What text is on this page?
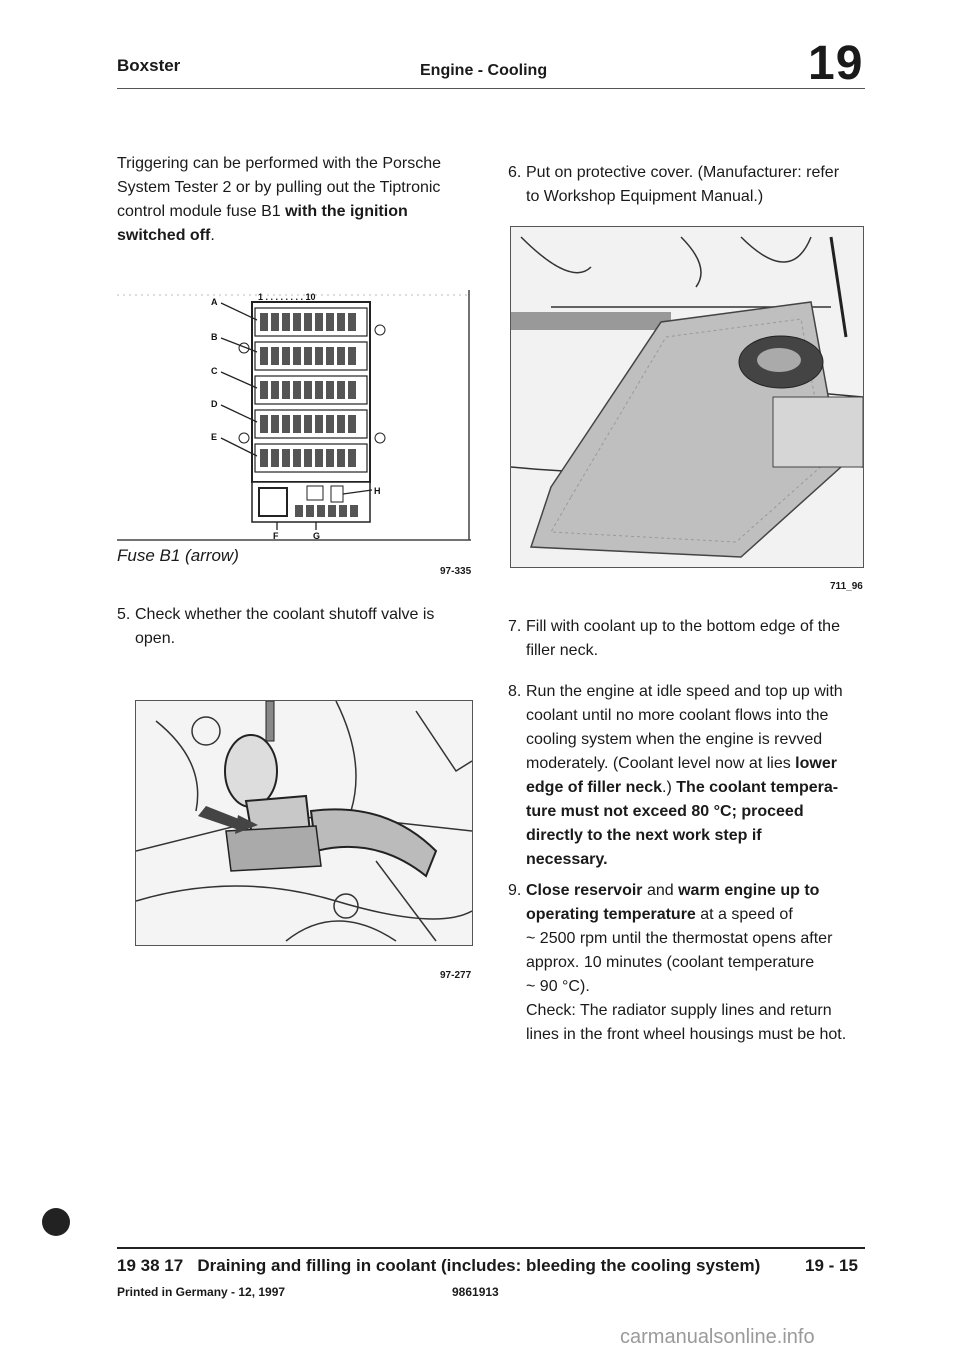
Boxster	Engine - Cooling	19
Triggering can be performed with the Porsche
System Tester 2 or by pulling out the Tiptronic
control module fuse B1 with the ignition
switched off.
A
B
C
D
E
1 . . . . . . . . 10
F	G
H
Fuse B1 (arrow)
97-335
5. Check whether the coolant shutoff valve is
open.
97-277
6. Put on protective cover. (Manufacturer: refer
to Workshop Equipment Manual.)
711_96
7. Fill with coolant up to the bottom edge of the
filler neck.
8. Run the engine at idle speed and top up with
coolant until no more coolant flows into the
cooling system when the engine is revved
moderately. (Coolant level now at lies lower
edge of filler neck.) The coolant tempera-
ture must not exceed 80 °C; proceed
directly to the next work step if
necessary.
9. Close reservoir and warm engine up to
operating temperature at a speed of
~ 2500 rpm until the thermostat opens after
approx. 10 minutes (coolant temperature
~ 90 °C).
Check: The radiator supply lines and return
lines in the front wheel housings must be hot.
19 38 17   Draining and filling in coolant (includes: bleeding the cooling system)	19 - 15
Printed in Germany - 12, 1997	9861913
carmanualsonline.info
